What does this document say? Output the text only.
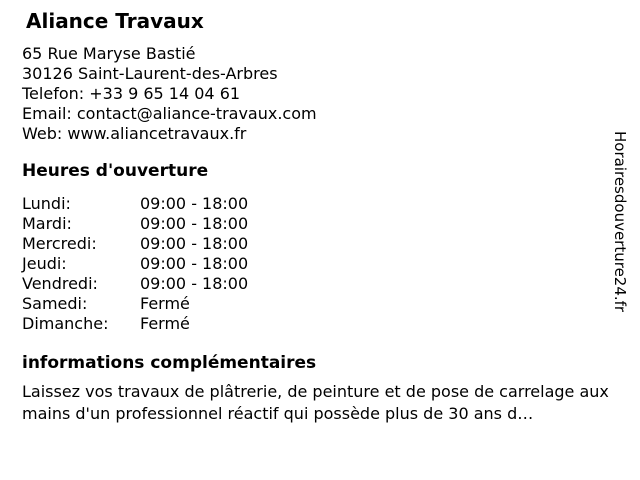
Aliance Travaux
65 Rue Maryse Bastié
30126 Saint-Laurent-des-Arbres
Telefon: +33 9 65 14 04 61
Email: contact@aliance-travaux.com
Web: www.aliancetravaux.fr
Heures d'ouverture
Lundi:	09:00 - 18:00
Mardi:	09:00 - 18:00
Mercredi:	09:00 - 18:00
Jeudi:	09:00 - 18:00
Vendredi:	09:00 - 18:00
Samedi:	Fermé
Dimanche:	Fermé
informations complémentaires
Laissez vos travaux de plâtrerie, de peinture et de pose de carrelage aux mains d'un professionnel réactif qui possède plus de 30 ans d…
Horairesdouverture24.fr
